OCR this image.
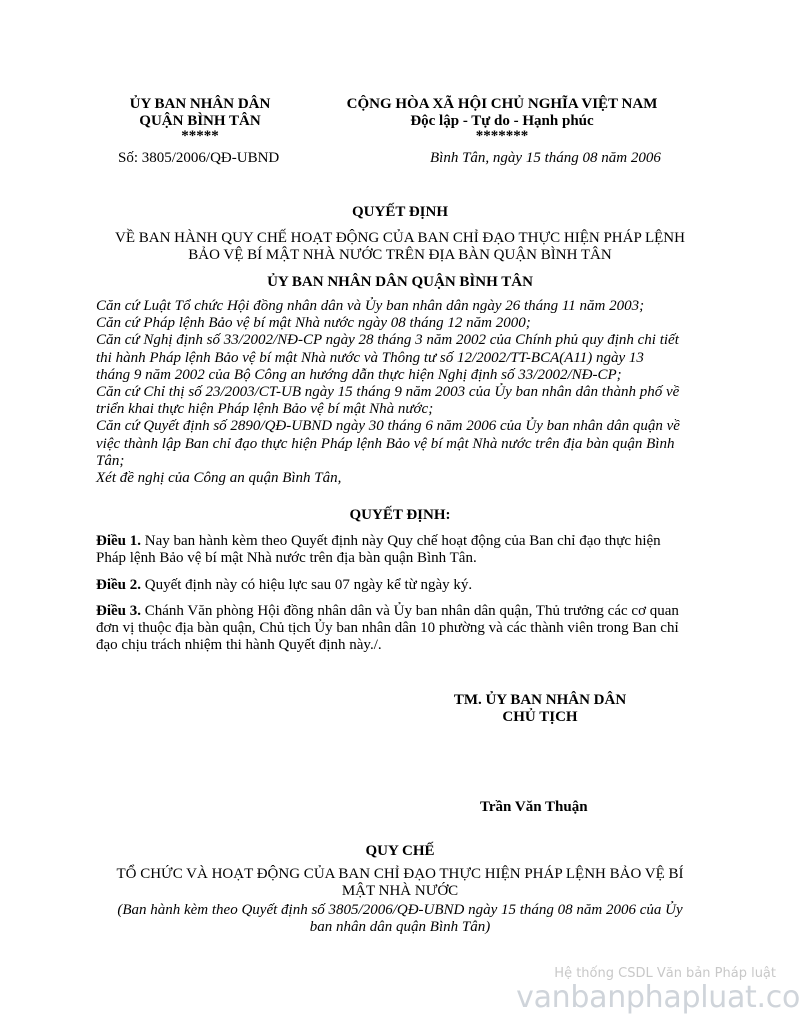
ỦY BAN NHÂN DÂN
QUẬN BÌNH TÂN
*****
CỘNG HÒA XÃ HỘI CHỦ NGHĨA VIỆT NAM
Độc lập - Tự do - Hạnh phúc
*******
Số: 3805/2006/QĐ-UBND	Bình Tân, ngày 15 tháng 08 năm 2006
QUYẾT ĐỊNH
VỀ BAN HÀNH QUY CHẾ HOẠT ĐỘNG CỦA BAN CHỈ ĐẠO THỰC HIỆN PHÁP LỆNH
BẢO VỆ BÍ MẬT NHÀ NƯỚC TRÊN ĐỊA BÀN QUẬN BÌNH TÂN
ỦY BAN NHÂN DÂN QUẬN BÌNH TÂN
Căn cứ Luật Tổ chức Hội đồng nhân dân và Ủy ban nhân dân ngày 26 tháng 11 năm 2003;
Căn cứ Pháp lệnh Bảo vệ bí mật Nhà nước ngày 08 tháng 12 năm 2000;
Căn cứ Nghị định số 33/2002/NĐ-CP ngày 28 tháng 3 năm 2002 của Chính phủ quy định chi tiết
thi hành Pháp lệnh Bảo vệ bí mật Nhà nước và Thông tư số 12/2002/TT-BCA(A11) ngày 13
tháng 9 năm 2002 của Bộ Công an hướng dẫn thực hiện Nghị định số 33/2002/NĐ-CP;
Căn cứ Chỉ thị số 23/2003/CT-UB ngày 15 tháng 9 năm 2003 của Ủy ban nhân dân thành phố về
triển khai thực hiện Pháp lệnh Bảo vệ bí mật Nhà nước;
Căn cứ Quyết định số 2890/QĐ-UBND ngày 30 tháng 6 năm 2006 của Ủy ban nhân dân quận về
việc thành lập Ban chỉ đạo thực hiện Pháp lệnh Bảo vệ bí mật Nhà nước trên địa bàn quận Bình
Tân;
Xét đề nghị của Công an quận Bình Tân,
QUYẾT ĐỊNH:
Điều 1. Nay ban hành kèm theo Quyết định này Quy chế hoạt động của Ban chỉ đạo thực hiện
Pháp lệnh Bảo vệ bí mật Nhà nước trên địa bàn quận Bình Tân.
Điều 2. Quyết định này có hiệu lực sau 07 ngày kể từ ngày ký.
Điều 3. Chánh Văn phòng Hội đồng nhân dân và Ủy ban nhân dân quận, Thủ trưởng các cơ quan
đơn vị thuộc địa bàn quận, Chủ tịch Ủy ban nhân dân 10 phường và các thành viên trong Ban chỉ
đạo chịu trách nhiệm thi hành Quyết định này./.
TM. ỦY BAN NHÂN DÂN
CHỦ TỊCH
Trần Văn Thuận
QUY CHẾ
TỔ CHỨC VÀ HOẠT ĐỘNG CỦA BAN CHỈ ĐẠO THỰC HIỆN PHÁP LỆNH BẢO VỆ BÍ
MẬT NHÀ NƯỚC
(Ban hành kèm theo Quyết định số 3805/2006/QĐ-UBND ngày 15 tháng 08 năm 2006 của Ủy
ban nhân dân quận Bình Tân)
Hệ thống CSDL Văn bản Pháp luật
vanbanphapluat.co
